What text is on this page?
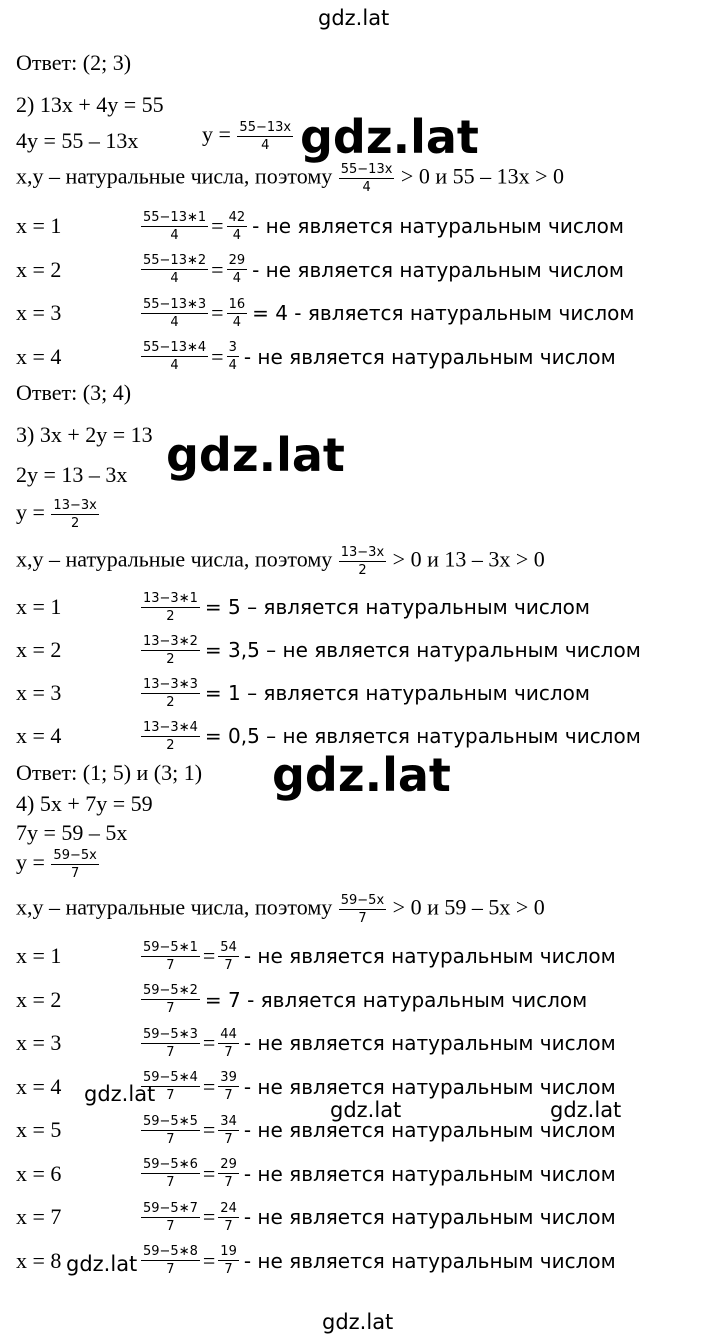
gdz.lat
Ответ: (2; 3)
2) 13x + 4y = 55
4y = 55 – 13x	$y = \frac{55-13x}{4} gdz.lat$
x,y – натуральные числа, поэтому $\frac{55-13x}{4} > 0$ и 55 – 13x > 0
x = 1	$\frac{55-13∗1}{4} = \frac{42}{4}$ - не является натуральным числом
x = 2	$\frac{55-13∗2}{4} = \frac{29}{4}$ - не является натуральным числом
x = 3	$\frac{55-13∗3}{4} = \frac{16}{4} = 4$ - является натуральным числом
x = 4	$\frac{55-13∗4}{4} = \frac{3}{4}$ - не является натуральным числом
Ответ: (3; 4)
3) 3x + 2y = 13 gdz.lat
2y = 13 – 3x
$y = \frac{13-3x}{2}$
x,y – натуральные числа, поэтому $\frac{13-3x}{2} > 0$ и 13 – 3x > 0
x = 1	$\frac{13-3∗1}{2} = 5$ – является натуральным числом
x = 2	$\frac{13-3∗2}{2} = 3,5$ – не является натуральным числом
x = 3	$\frac{13-3∗3}{2} = 1$ – является натуральным числом
x = 4	$\frac{13-3∗4}{2} = 0,5$ – не является натуральным числом
Ответ: (1; 5) и (3; 1) gdz.lat
4) 5x + 7y = 59
7y = 59 – 5x
$y = \frac{59-5x}{7}$
x,y – натуральные числа, поэтому $\frac{59-5x}{7} > 0$ и 59 – 5x > 0
x = 1	$\frac{59-5∗1}{7} = \frac{54}{7}$ - не является натуральным числом
x = 2	$\frac{59-5∗2}{7} = 7$ - является натуральным числом
x = 3	$\frac{59-5∗3}{7} = \frac{44}{7}$ - не является натуральным числом
x = 4	$\frac{59-5∗4}{7} = \frac{39}{7}$ - не является натуральным числом
x = 5	$\frac{59-5∗5}{7} = \frac{34}{7}$ - не является натуральным числом
x = 6	$\frac{59-5∗6}{7} = \frac{29}{7}$ - не является натуральным числом
x = 7	$\frac{59-5∗7}{7} = \frac{24}{7}$ - не является натуральным числом
x = 8	$\frac{59-5∗8}{7} = \frac{19}{7}$ - не является натуральным числом
gdz.lat
gdz.lat	gdz.lat
gdz.lat
gdz.lat
